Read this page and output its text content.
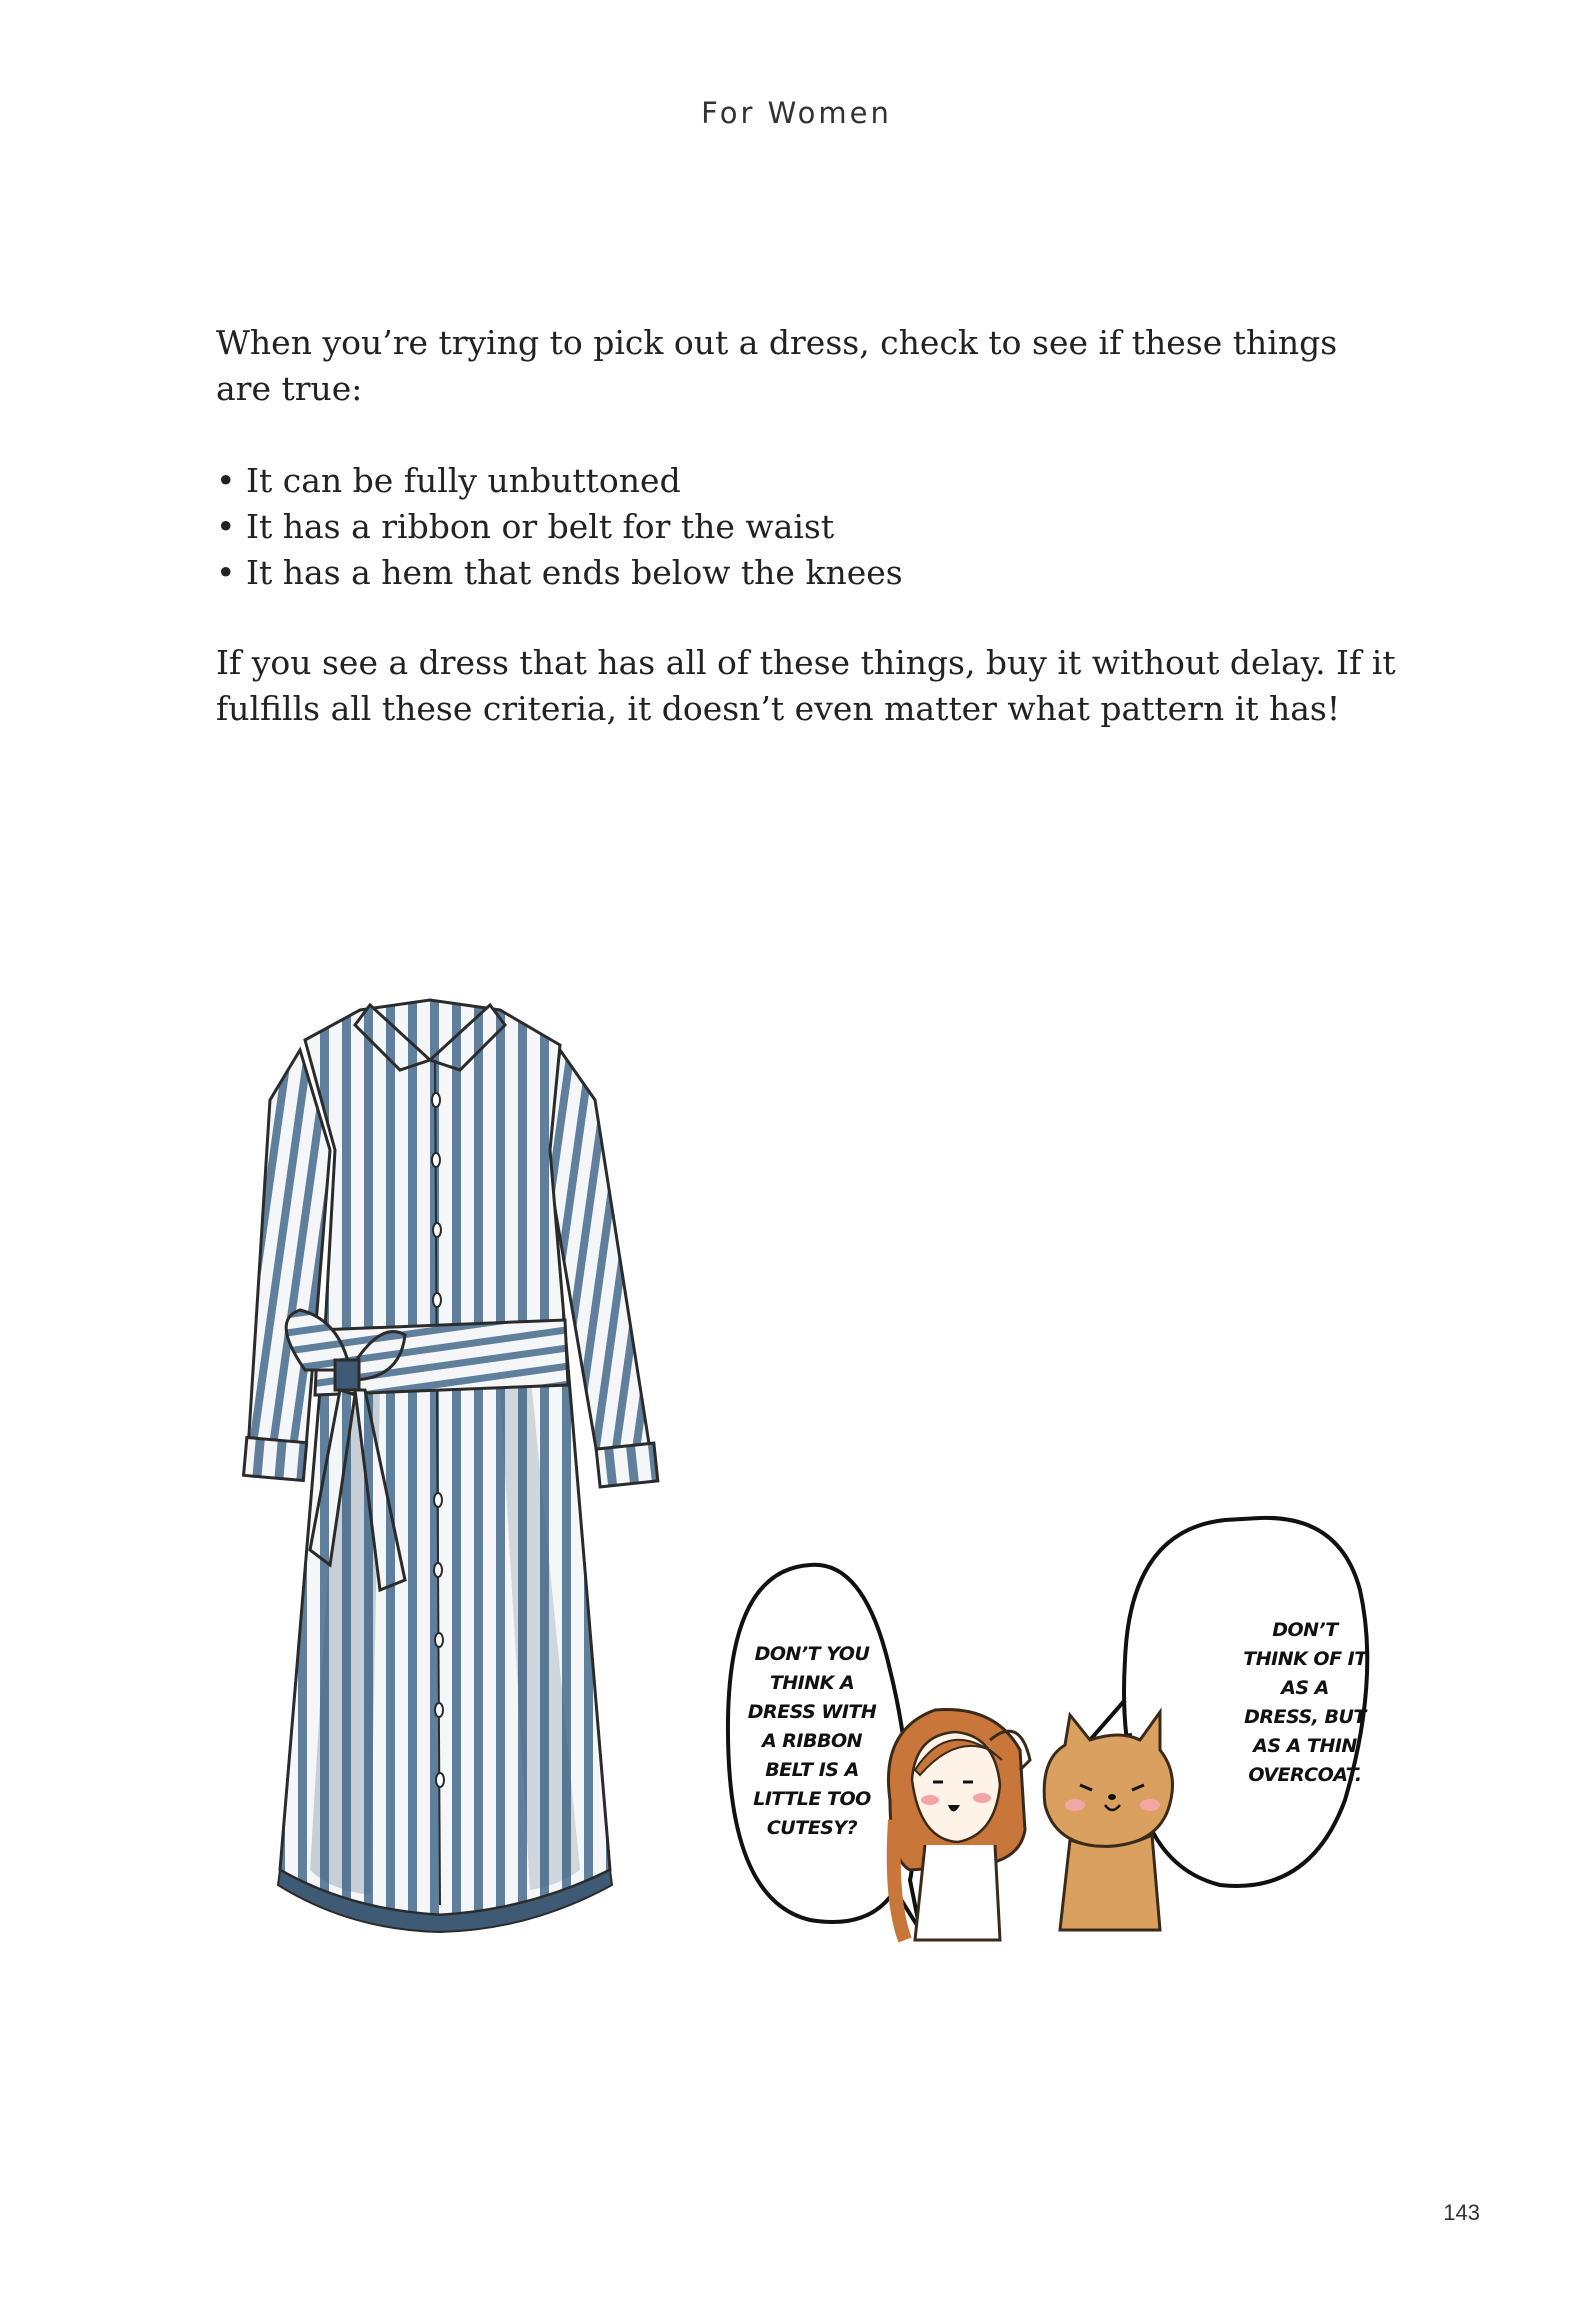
For Women
When you’re trying to pick out a dress, check to see if these things
are true:
• It can be fully unbuttoned
• It has a ribbon or belt for the waist
• It has a hem that ends below the knees
If you see a dress that has all of these things, buy it without delay. If it
fulfills all these criteria, it doesn’t even matter what pattern it has!
DON’T YOU
THINK A
DRESS WITH
A RIBBON
BELT IS A
LITTLE TOO
CUTESY?
DON’T
THINK OF IT
AS A
DRESS, BUT
AS A THIN
OVERCOAT.
143
